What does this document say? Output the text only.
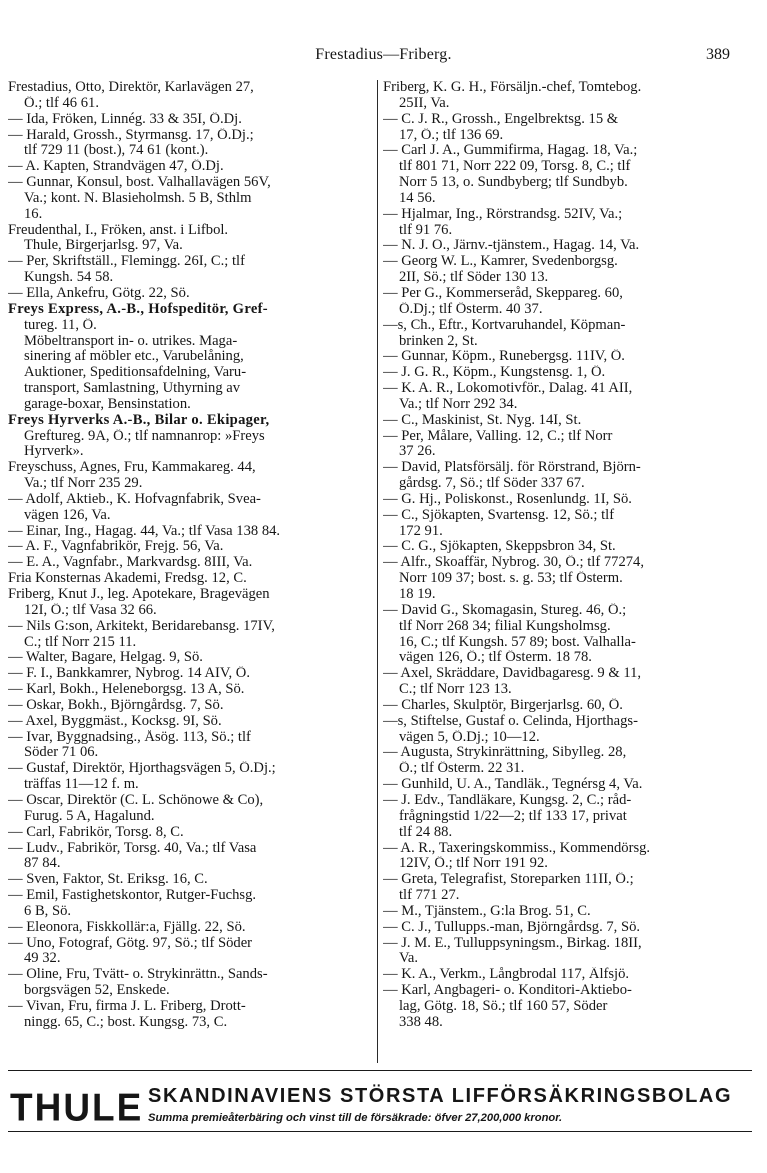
Frestadius—Friberg.	389
Frestadius, Otto, Direktör, Karlavägen 27,
Ö.; tlf 46 61.
— Ida, Fröken, Linnég. 33 & 35I, Ö.Dj.
— Harald, Grossh., Styrmansg. 17, Ö.Dj.;
tlf 729 11 (bost.), 74 61 (kont.).
— A. Kapten, Strandvägen 47, Ö.Dj.
— Gunnar, Konsul, bost. Valhallavägen 56V,
Va.; kont. N. Blasieholmsh. 5 B, Sthlm
16.
Freudenthal, I., Fröken, anst. i Lifbol.
Thule, Birgerjarlsg. 97, Va.
— Per, Skriftställ., Flemingg. 26I, C.; tlf
Kungsh. 54 58.
— Ella, Ankefru, Götg. 22, Sö.
Freys Express, A.-B., Hofspeditör, Gref-
tureg. 11, Ö.
Möbeltransport in- o. utrikes. Maga-
sinering af möbler etc., Varubelåning,
Auktioner, Speditionsafdelning, Varu-
transport, Samlastning, Uthyrning av
garage-boxar, Bensinstation.
Freys Hyrverks A.-B., Bilar o. Ekipager,
Greftureg. 9A, Ö.; tlf namnanrop: »Freys
Hyrverk».
Freyschuss, Agnes, Fru, Kammakareg. 44,
Va.; tlf Norr 235 29.
— Adolf, Aktieb., K. Hofvagnfabrik, Svea-
vägen 126, Va.
— Einar, Ing., Hagag. 44, Va.; tlf Vasa 138 84.
— A. F., Vagnfabrikör, Frejg. 56, Va.
— E. A., Vagnfabr., Markvardsg. 8III, Va.
Fria Konsternas Akademi, Fredsg. 12, C.
Friberg, Knut J., leg. Apotekare, Bragevägen
12I, Ö.; tlf Vasa 32 66.
— Nils G:son, Arkitekt, Beridarebansg. 17IV,
C.; tlf Norr 215 11.
— Walter, Bagare, Helgag. 9, Sö.
— F. I., Bankkamrer, Nybrog. 14 AIV, Ö.
— Karl, Bokh., Heleneborgsg. 13 A, Sö.
— Oskar, Bokh., Björngårdsg. 7, Sö.
— Axel, Byggmäst., Kocksg. 9I, Sö.
— Ivar, Byggnadsing., Åsög. 113, Sö.; tlf
Söder 71 06.
— Gustaf, Direktör, Hjorthagsvägen 5, Ö.Dj.;
träffas 11—12 f. m.
— Oscar, Direktör (C. L. Schönowe & Co),
Furug. 5 A, Hagalund.
— Carl, Fabrikör, Torsg. 8, C.
— Ludv., Fabrikör, Torsg. 40, Va.; tlf Vasa
87 84.
— Sven, Faktor, St. Eriksg. 16, C.
— Emil, Fastighetskontor, Rutger-Fuchsg.
6 B, Sö.
— Eleonora, Fiskkollär:a, Fjällg. 22, Sö.
— Uno, Fotograf, Götg. 97, Sö.; tlf Söder
49 32.
— Oline, Fru, Tvätt- o. Strykinrättn., Sands-
borgsvägen 52, Enskede.
— Vivan, Fru, firma J. L. Friberg, Drott-
ningg. 65, C.; bost. Kungsg. 73, C.
Friberg, K. G. H., Försäljn.-chef, Tomtebog.
25II, Va.
— C. J. R., Grossh., Engelbrektsg. 15 &
17, Ö.; tlf 136 69.
— Carl J. A., Gummifirma, Hagag. 18, Va.;
tlf 801 71, Norr 222 09, Torsg. 8, C.; tlf
Norr 5 13, o. Sundbyberg; tlf Sundbyb.
14 56.
— Hjalmar, Ing., Rörstrandsg. 52IV, Va.;
tlf 91 76.
— N. J. O., Järnv.-tjänstem., Hagag. 14, Va.
— Georg W. L., Kamrer, Svedenborgsg.
2II, Sö.; tlf Söder 130 13.
— Per G., Kommerseråd, Skeppareg. 60,
Ö.Dj.; tlf Österm. 40 37.
—s, Ch., Eftr., Kortvaruhandel, Köpman-
brinken 2, St.
— Gunnar, Köpm., Runebergsg. 11IV, Ö.
— J. G. R., Köpm., Kungstensg. 1, Ö.
— K. A. R., Lokomotivför., Dalag. 41 AII,
Va.; tlf Norr 292 34.
— C., Maskinist, St. Nyg. 14I, St.
— Per, Målare, Valling. 12, C.; tlf Norr
37 26.
— David, Platsförsälj. för Rörstrand, Björn-
gårdsg. 7, Sö.; tlf Söder 337 67.
— G. Hj., Poliskonst., Rosenlundg. 1I, Sö.
— C., Sjökapten, Svartensg. 12, Sö.; tlf
172 91.
— C. G., Sjökapten, Skeppsbron 34, St.
— Alfr., Skoaffär, Nybrog. 30, Ö.; tlf 77274,
Norr 109 37; bost. s. g. 53; tlf Österm.
18 19.
— David G., Skomagasin, Stureg. 46, Ö.;
tlf Norr 268 34; filial Kungsholmsg.
16, C.; tlf Kungsh. 57 89; bost. Valhalla-
vägen 126, Ö.; tlf Österm. 18 78.
— Axel, Skräddare, Davidbagaresg. 9 & 11,
C.; tlf Norr 123 13.
— Charles, Skulptör, Birgerjarlsg. 60, Ö.
—s, Stiftelse, Gustaf o. Celinda, Hjorthags-
vägen 5, Ö.Dj.; 10—12.
— Augusta, Strykinrättning, Sibylleg. 28,
Ö.; tlf Österm. 22 31.
— Gunhild, U. A., Tandläk., Tegnérsg 4, Va.
— J. Edv., Tandläkare, Kungsg. 2, C.; råd-
frågningstid 1/22—2; tlf 133 17, privat
tlf 24 88.
— A. R., Taxeringskommiss., Kommendörsg.
12IV, Ö.; tlf Norr 191 92.
— Greta, Telegrafist, Storeparken 11II, Ö.;
tlf 771 27.
— M., Tjänstem., G:la Brog. 51, C.
— C. J., Tullupps.-man, Björngårdsg. 7, Sö.
— J. M. E., Tulluppsyningsm., Birkag. 18II,
Va.
— K. A., Verkm., Långbrodal 117, Älfsjö.
— Karl, Angbageri- o. Konditori-Aktiebo-
lag, Götg. 18, Sö.; tlf 160 57, Söder
338 48.
THULE SKANDINAVIENS STÖRSTA LIFFÖRSÄKRINGSBOLAG
Summa premieåterbäring och vinst till de försäkrade: öfver 27,200,000 kronor.
